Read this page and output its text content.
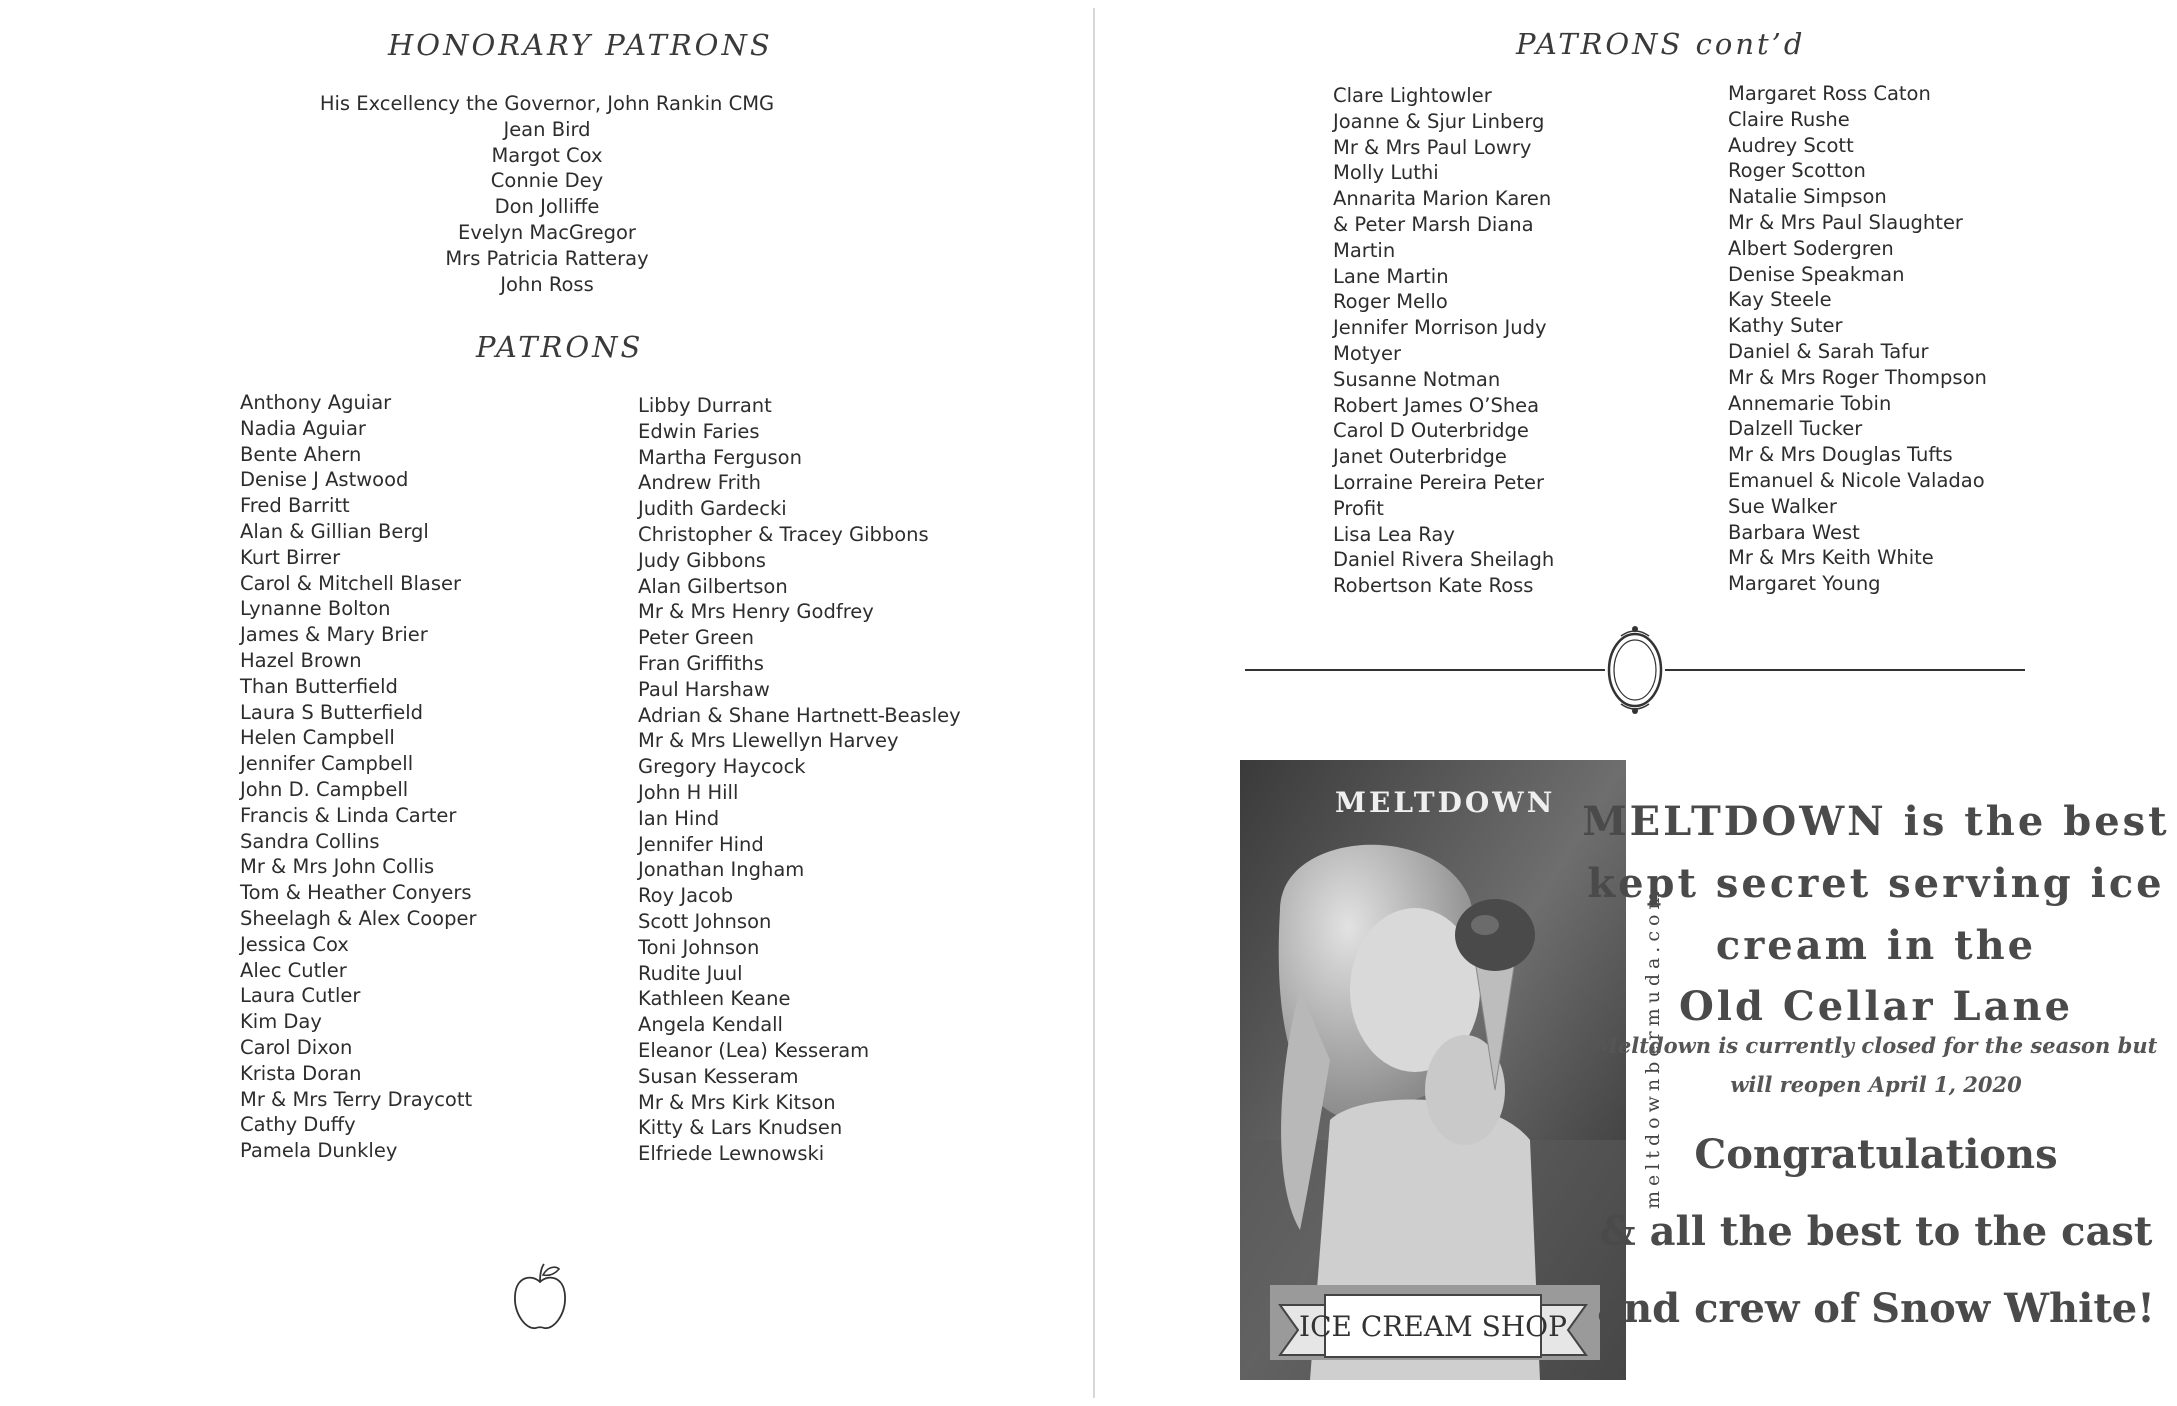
HONORARY PATRONS
His Excellency the Governor, John Rankin CMG
Jean Bird
Margot Cox
Connie Dey
Don Jolliffe
Evelyn MacGregor
Mrs Patricia Ratteray
John Ross
PATRONS
Anthony Aguiar
Nadia Aguiar
Bente Ahern
Denise J Astwood
Fred Barritt
Alan & Gillian Bergl
Kurt Birrer
Carol & Mitchell Blaser
Lynanne Bolton
James & Mary Brier
Hazel Brown
Than Butterfield
Laura S Butterfield
Helen Campbell
Jennifer Campbell
John D. Campbell
Francis & Linda Carter
Sandra Collins
Mr & Mrs John Collis
Tom & Heather Conyers
Sheelagh & Alex Cooper
Jessica Cox
Alec Cutler
Laura Cutler
Kim Day
Carol Dixon
Krista Doran
Mr & Mrs Terry Draycott
Cathy Duffy
Pamela Dunkley
Libby Durrant
Edwin Faries
Martha Ferguson
Andrew Frith
Judith Gardecki
Christopher & Tracey Gibbons
Judy Gibbons
Alan Gilbertson
Mr & Mrs Henry Godfrey
Peter Green
Fran Griffiths
Paul Harshaw
Adrian & Shane Hartnett-Beasley
Mr & Mrs Llewellyn Harvey
Gregory Haycock
John H Hill
Ian Hind
Jennifer Hind
Jonathan Ingham
Roy Jacob
Scott Johnson
Toni Johnson
Rudite Juul
Kathleen Keane
Angela Kendall
Eleanor (Lea) Kesseram
Susan Kesseram
Mr & Mrs Kirk Kitson
Kitty & Lars Knudsen
Elfriede Lewnowski
PATRONS cont’d
Clare Lightowler
Joanne & Sjur Linberg
Mr & Mrs Paul Lowry
Molly Luthi
Annarita Marion Karen
& Peter Marsh Diana
Martin
Lane Martin
Roger Mello
Jennifer Morrison Judy
Motyer
Susanne Notman
Robert James O’Shea
Carol D Outerbridge
Janet Outerbridge
Lorraine Pereira Peter
Profit
Lisa Lea Ray
Daniel Rivera Sheilagh
Robertson Kate Ross
Margaret Ross Caton
Claire Rushe
Audrey Scott
Roger Scotton
Natalie Simpson
Mr & Mrs Paul Slaughter
Albert Sodergren
Denise Speakman
Kay Steele
Kathy Suter
Daniel & Sarah Tafur
Mr & Mrs Roger Thompson
Annemarie Tobin
Dalzell Tucker
Mr & Mrs Douglas Tufts
Emanuel & Nicole Valadao
Sue Walker
Barbara West
Mr & Mrs Keith White
Margaret Young
MELTDOWN
ICE CREAM SHOP
meltdownbermuda.com
MELTDOWN is the best
kept secret serving ice
cream in the
Old Cellar Lane
Meltdown is currently closed for the season but
will reopen April 1, 2020
Congratulations
& all the best to the cast
and crew of Snow White!
